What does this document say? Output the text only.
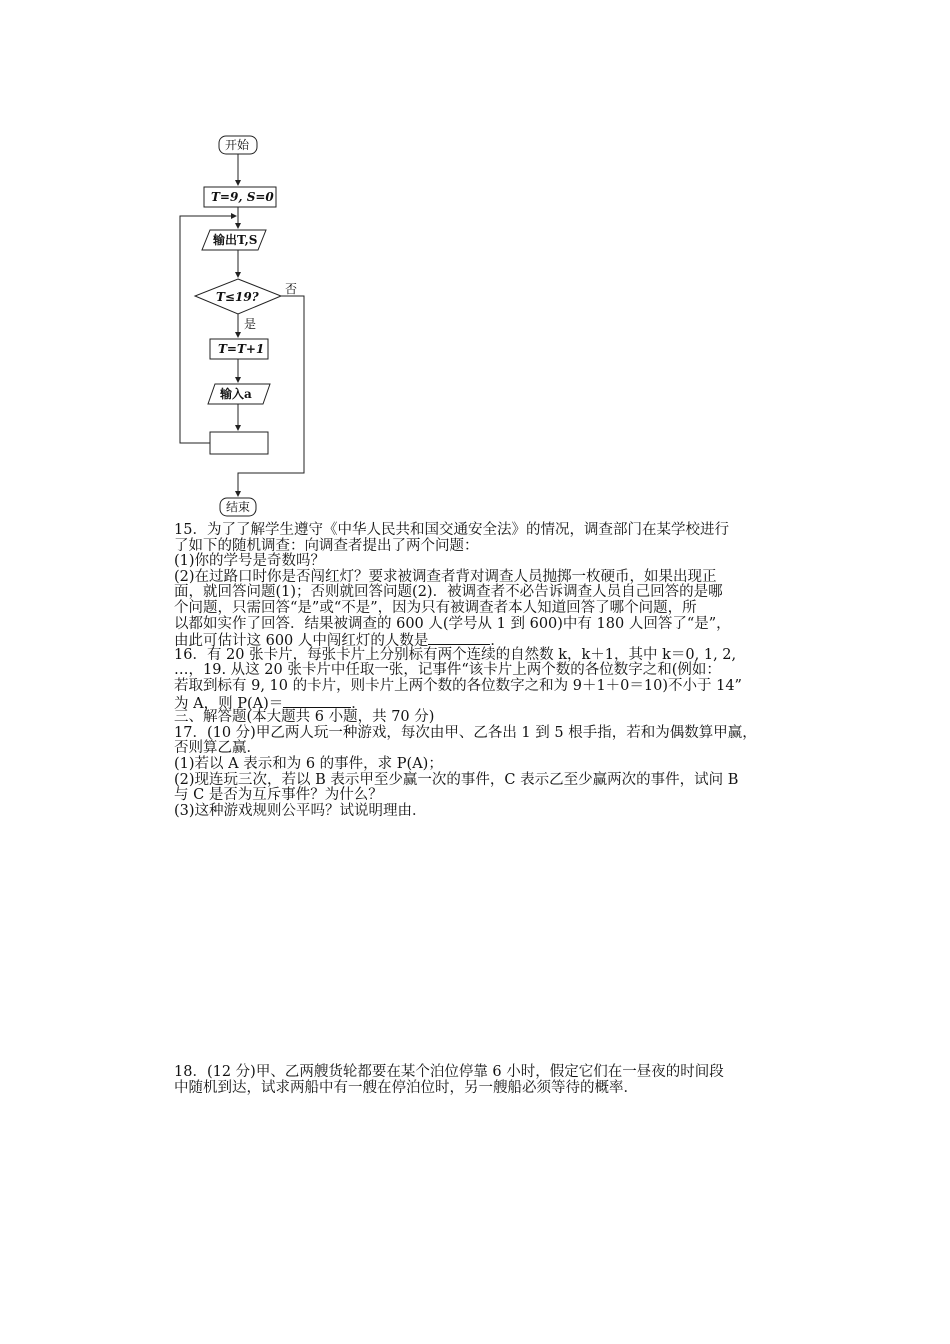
开始
T=9, S=0
输出T,S
T≤19?
否
是
T=T+1
输入a
结束
15．为了了解学生遵守《中华人民共和国交通安全法》的情况，调查部门在某学校进行
了如下的随机调查：向调查者提出了两个问题：
(1)你的学号是奇数吗？
(2)在过路口时你是否闯红灯？要求被调查者背对调查人员抛掷一枚硬币，如果出现正
面，就回答问题(1)；否则就回答问题(2)．被调查者不必告诉调查人员自己回答的是哪
个问题，只需回答“是”或“不是”，因为只有被调查者本人知道回答了哪个问题，所
以都如实作了回答．结果被调查的 600 人(学号从 1 到 600)中有 180 人回答了“是”，
由此可估计这 600 人中闯红灯的人数是	．
16．有 20 张卡片，每张卡片上分别标有两个连续的自然数 k，k＋1，其中 k＝0, 1, 2,
…，19. 从这 20 张卡片中任取一张，记事件“该卡片上两个数的各位数字之和(例如：
若取到标有 9, 10 的卡片，则卡片上两个数的各位数字之和为 9＋1＋0＝10)不小于 14”
为 A，则 P(A)＝	．
三、解答题(本大题共 6 小题，共 70 分)
17．(10 分)甲乙两人玩一种游戏，每次由甲、乙各出 1 到 5 根手指，若和为偶数算甲赢，
否则算乙赢．
(1)若以 A 表示和为 6 的事件，求 P(A)；
(2)现连玩三次，若以 B 表示甲至少赢一次的事件，C 表示乙至少赢两次的事件，试问 B
与 C 是否为互斥事件？为什么？
(3)这种游戏规则公平吗？试说明理由．
18．(12 分)甲、乙两艘货轮都要在某个泊位停靠 6 小时，假定它们在一昼夜的时间段
中随机到达，试求两船中有一艘在停泊位时，另一艘船必须等待的概率．
